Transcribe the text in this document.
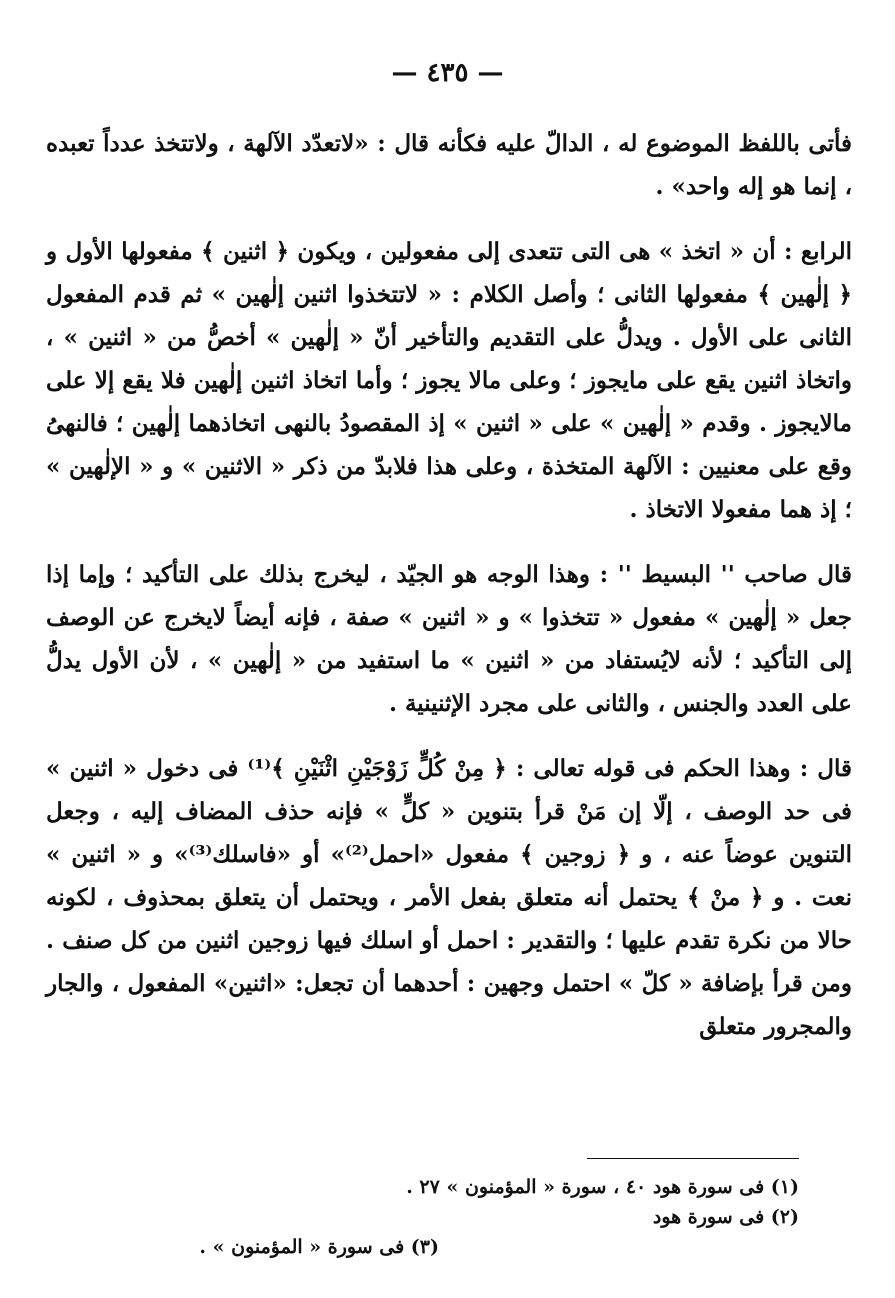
— ٤٣٥ —

فأتى باللفظ الموضوع له ، الدالّ عليه فكأنه قال : «لاتعدّد الآلهة ، ولاتتخذ عدداً تعبده ، إنما هو إله واحد» .

الرابع : أن « اتخذ » هى التى تتعدى إلى مفعولين ، ويكون ﴿ اثنين ﴾ مفعولها الأول و ﴿ إلٰهين ﴾ مفعولها الثانى ؛ وأصل الكلام : « لاتتخذوا اثنين إلٰهين » ثم قدم المفعول الثانى على الأول . ويدلُّ على التقديم والتأخير أنّ « إلٰهين » أخصُّ من « اثنين » ، واتخاذ اثنين يقع على مايجوز ؛ وعلى مالا يجوز ؛ وأما اتخاذ اثنين إلٰهين فلا يقع إلا على مالايجوز . وقدم « إلٰهين » على « اثنين » إذ المقصودُ بالنهى اتخاذهما إلٰهين ؛ فالنهىُ وقع على معنيين : الآلهة المتخذة ، وعلى هذا فلابدّ من ذكر « الاثنين » و « الإلٰهين » ؛ إذ هما مفعولا الاتخاذ .

قال صاحب '' البسيط '' : وهذا الوجه هو الجيّد ، ليخرج بذلك على التأكيد ؛ وإما إذا جعل « إلٰهين » مفعول « تتخذوا » و « اثنين » صفة ، فإنه أيضاً لايخرج عن الوصف إلى التأكيد ؛ لأنه لايُستفاد من « اثنين » ما استفيد من « إلٰهين » ، لأن الأول يدلُّ على العدد والجنس ، والثانى على مجرد الإثنينية .

قال : وهذا الحكم فى قوله تعالى : ﴿ مِنْ كُلٍّ زَوْجَيْنِ اثْنَيْنِ ﴾⁽¹⁾ فى دخول « اثنين » فى حد الوصف ، إلّا إن مَنْ قرأ بتنوين « كلٍّ » فإنه حذف المضاف إليه ، وجعل التنوين عوضاً عنه ، و ﴿ زوجين ﴾ مفعول «احمل⁽²⁾» أو «فاسلك⁽³⁾» و « اثنين » نعت . و ﴿ منْ ﴾ يحتمل أنه متعلق بفعل الأمر ، ويحتمل أن يتعلق بمحذوف ، لكونه حالا من نكرة تقدم عليها ؛ والتقدير : احمل أو اسلك فيها زوجين اثنين من كل صنف . ومن قرأ بإضافة « كلّ » احتمل وجهين : أحدهما أن تجعل: «اثنين» المفعول ، والجار والمجرور متعلق

(١) فى سورة هود ٤٠ ، سورة « المؤمنون » ٢٧ .
(٢) فى سورة هود
(٣) فى سورة « المؤمنون » .
